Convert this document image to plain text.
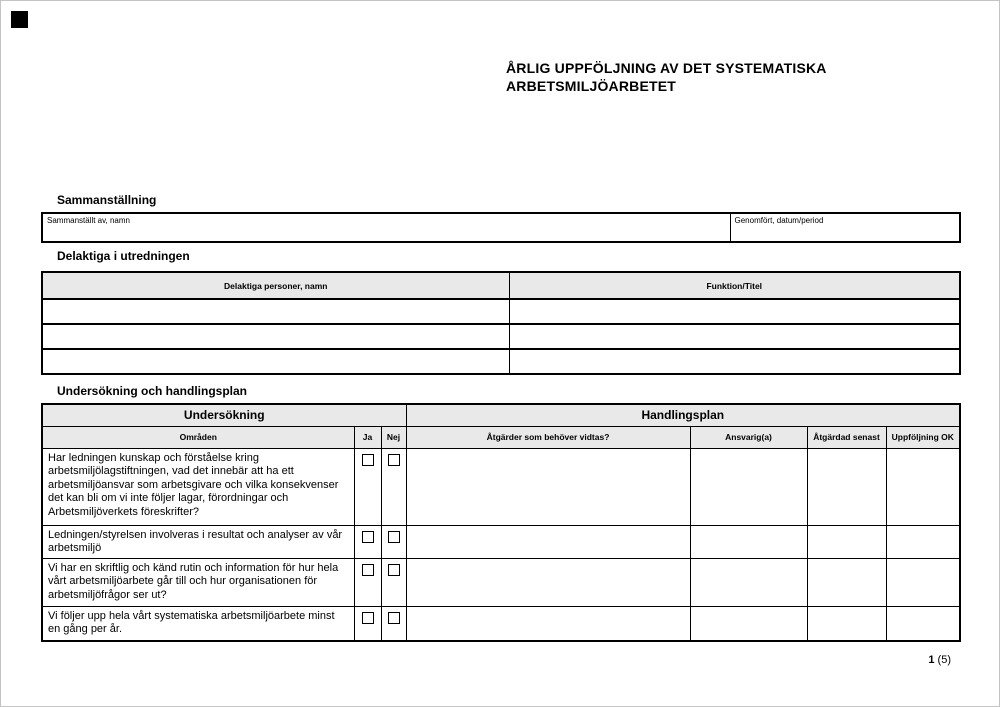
ÅRLIG UPPFÖLJNING AV DET SYSTEMATISKA
ARBETSMILJÖARBETET
Sammanställning
Sammanställt av, namn	Genomfört, datum/period
Delaktiga i utredningen
Delaktiga personer, namn	Funktion/Titel

Undersökning och handlingsplan
Undersökning			Handlingsplan			
Områden	Ja	Nej	Åtgärder som behöver vidtas?	Ansvarig(a)	Åtgärdad senast	Uppföljning OK
Har ledningen kunskap och förståelse kring arbetsmiljölagstiftningen, vad det innebär att ha ett arbetsmiljöansvar som arbetsgivare och vilka konsekvenser det kan bli om vi inte följer lagar, förordningar och Arbetsmiljöverkets föreskrifter?						
Ledningen/styrelsen involveras i resultat och analyser av vår arbetsmiljö						
Vi har en skriftlig och känd rutin och information för hur hela vårt arbetsmiljöarbete går till och hur organisationen för arbetsmiljöfrågor ser ut?						
Vi följer upp hela vårt systematiska arbetsmiljöarbete minst en gång per år.						
1 (5)
